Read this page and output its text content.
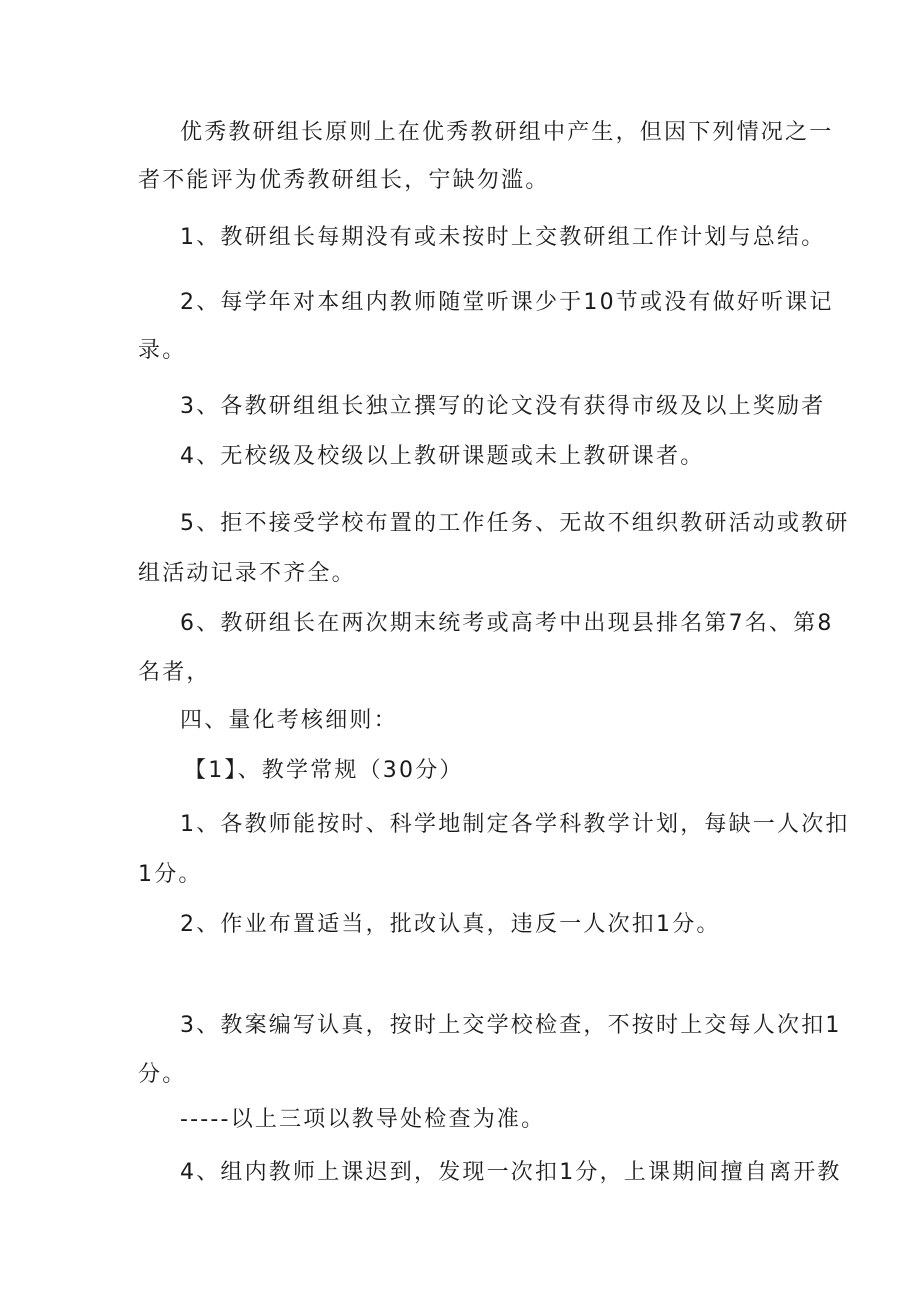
优秀教研组长原则上在优秀教研组中产生，但因下列情况之一
者不能评为优秀教研组长，宁缺勿滥。
1、教研组长每期没有或未按时上交教研组工作计划与总结。
2、每学年对本组内教师随堂听课少于10节或没有做好听课记
录。
3、各教研组组长独立撰写的论文没有获得市级及以上奖励者
4、无校级及校级以上教研课题或未上教研课者。
5、拒不接受学校布置的工作任务、无故不组织教研活动或教研
组活动记录不齐全。
6、教研组长在两次期末统考或高考中出现县排名第7名、第8
名者，
四、量化考核细则：
【1】、教学常规（30分）
1、各教师能按时、科学地制定各学科教学计划，每缺一人次扣
1分。
2、作业布置适当，批改认真，违反一人次扣1分。
3、教案编写认真，按时上交学校检查，不按时上交每人次扣1
分。
-----以上三项以教导处检查为准。
4、组内教师上课迟到，发现一次扣1分，上课期间擅自离开教
